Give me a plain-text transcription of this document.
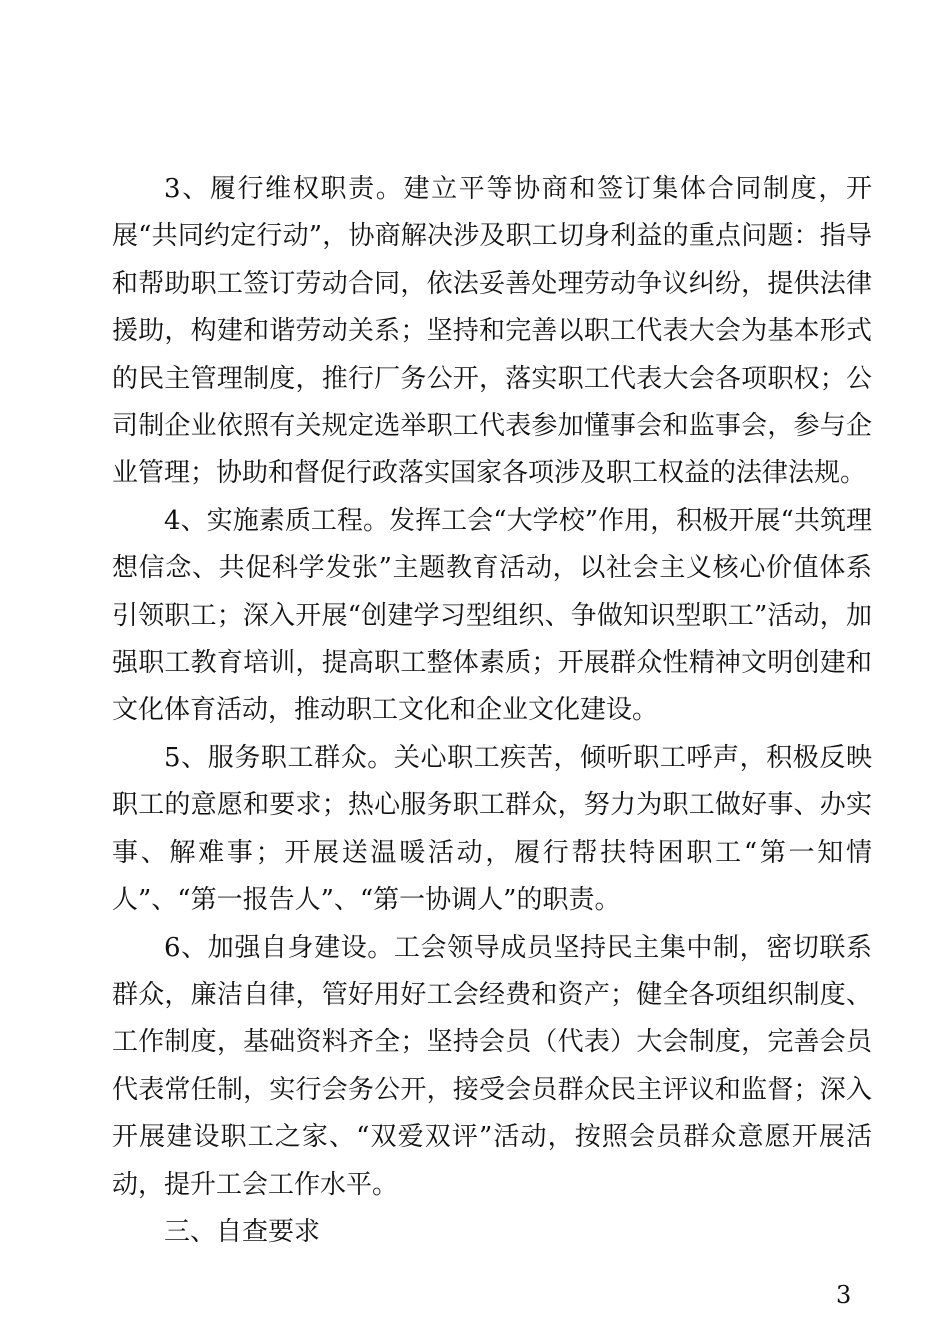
3、履行维权职责。建立平等协商和签订集体合同制度，开展“共同约定行动”，协商解决涉及职工切身利益的重点问题：指导和帮助职工签订劳动合同，依法妥善处理劳动争议纠纷，提供法律援助，构建和谐劳动关系；坚持和完善以职工代表大会为基本形式的民主管理制度，推行厂务公开，落实职工代表大会各项职权；公司制企业依照有关规定选举职工代表参加懂事会和监事会，参与企业管理；协助和督促行政落实国家各项涉及职工权益的法律法规。

4、实施素质工程。发挥工会“大学校”作用，积极开展“共筑理想信念、共促科学发张”主题教育活动，以社会主义核心价值体系引领职工；深入开展“创建学习型组织、争做知识型职工”活动，加强职工教育培训，提高职工整体素质；开展群众性精神文明创建和文化体育活动，推动职工文化和企业文化建设。

5、服务职工群众。关心职工疾苦，倾听职工呼声，积极反映职工的意愿和要求；热心服务职工群众，努力为职工做好事、办实事、解难事；开展送温暖活动，履行帮扶特困职工“第一知情人”、“第一报告人”、“第一协调人”的职责。

6、加强自身建设。工会领导成员坚持民主集中制，密切联系群众，廉洁自律，管好用好工会经费和资产；健全各项组织制度、工作制度，基础资料齐全；坚持会员（代表）大会制度，完善会员代表常任制，实行会务公开，接受会员群众民主评议和监督；深入开展建设职工之家、“双爱双评”活动，按照会员群众意愿开展活动，提升工会工作水平。

三、自查要求

3
